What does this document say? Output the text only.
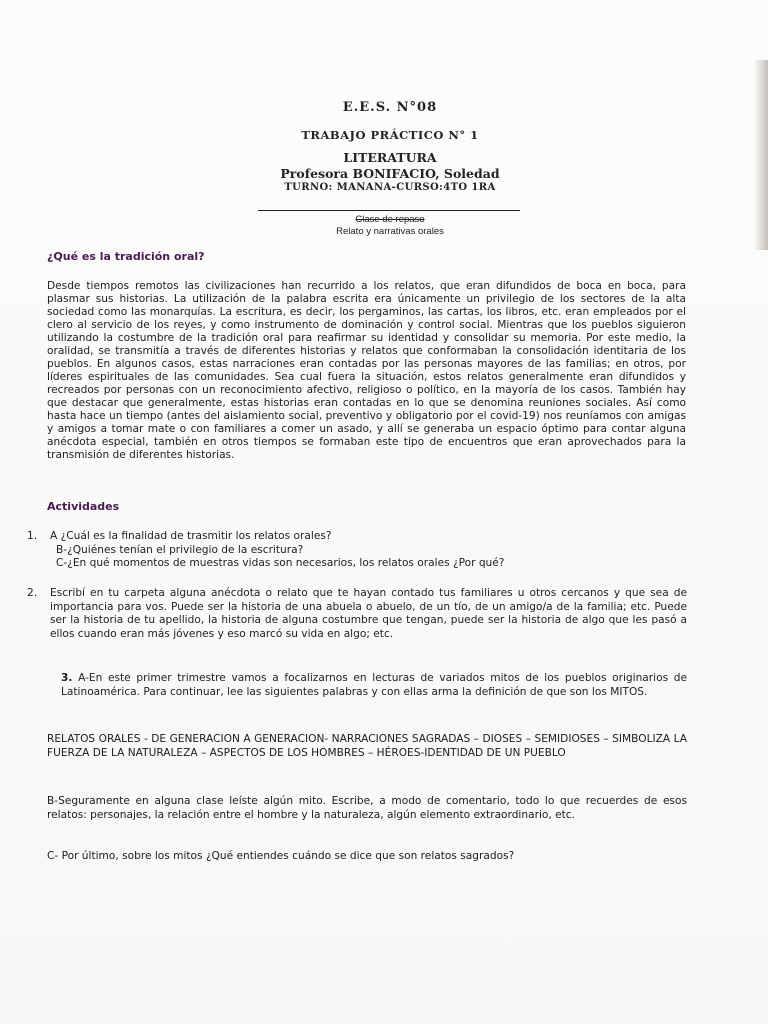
E.E.S. N°08
TRABAJO PRÁCTICO N° 1
LITERATURA
Profesora BONIFACIO, Soledad
TURNO: MAÑANA-CURSO:4TO 1RA
Clase de repaso
Relato y narrativas orales
¿Qué es la tradición oral?
Desde tiempos remotos las civilizaciones han recurrido a los relatos, que eran difundidos de boca en boca, para plasmar sus historias. La utilización de la palabra escrita era únicamente un privilegio de los sectores de la alta sociedad como las monarquías. La escritura, es decir, los pergaminos, las cartas, los libros, etc. eran empleados por el clero al servicio de los reyes, y como instrumento de dominación y control social. Mientras que los pueblos siguieron utilizando la costumbre de la tradición oral para reafirmar su identidad y consolidar su memoria. Por este medio, la oralidad, se transmitía a través de diferentes historias y relatos que conformaban la consolidación identitaria de los pueblos. En algunos casos, estas narraciones eran contadas por las personas mayores de las familias; en otros, por líderes espirituales de las comunidades. Sea cual fuera la situación, estos relatos generalmente eran difundidos y recreados por personas con un reconocimiento afectivo, religioso o político, en la mayoría de los casos. También hay que destacar que generalmente, estas historias eran contadas en lo que se denomina reuniones sociales. Así como hasta hace un tiempo (antes del aislamiento social, preventivo y obligatorio por el covid-19) nos reuníamos con amigas y amigos a tomar mate o con familiares a comer un asado, y allí se generaba un espacio óptimo para contar alguna anécdota especial, también en otros tiempos se formaban este tipo de encuentros que eran aprovechados para la transmisión de diferentes historias.
Actividades
1. A ¿Cuál es la finalidad de trasmitir los relatos orales?
B-¿Quiénes tenían el privilegio de la escritura?
C-¿En qué momentos de muestras vidas son necesarios, los relatos orales ¿Por qué?
2. Escribí en tu carpeta alguna anécdota o relato que te hayan contado tus familiares u otros cercanos y que sea de importancia para vos. Puede ser la historia de una abuela o abuelo, de un tío, de un amigo/a de la familia; etc. Puede ser la historia de tu apellido, la historia de alguna costumbre que tengan, puede ser la historia de algo que les pasó a ellos cuando eran más jóvenes y eso marcó su vida en algo; etc.
3. A-En este primer trimestre vamos a focalizarnos en lecturas de variados mitos de los pueblos originarios de Latinoamérica. Para continuar, lee las siguientes palabras y con ellas arma la definición de que son los MITOS.
RELATOS ORALES - DE GENERACION A GENERACION- NARRACIONES SAGRADAS – DIOSES – SEMIDIOSES – SIMBOLIZA LA FUERZA DE LA NATURALEZA – ASPECTOS DE LOS HOMBRES – HÉROES-IDENTIDAD DE UN PUEBLO
B-Seguramente en alguna clase leíste algún mito. Escribe, a modo de comentario, todo lo que recuerdes de esos relatos: personajes, la relación entre el hombre y la naturaleza, algún elemento extraordinario, etc.
C- Por último, sobre los mitos ¿Qué entiendes cuándo se dice que son relatos sagrados?
